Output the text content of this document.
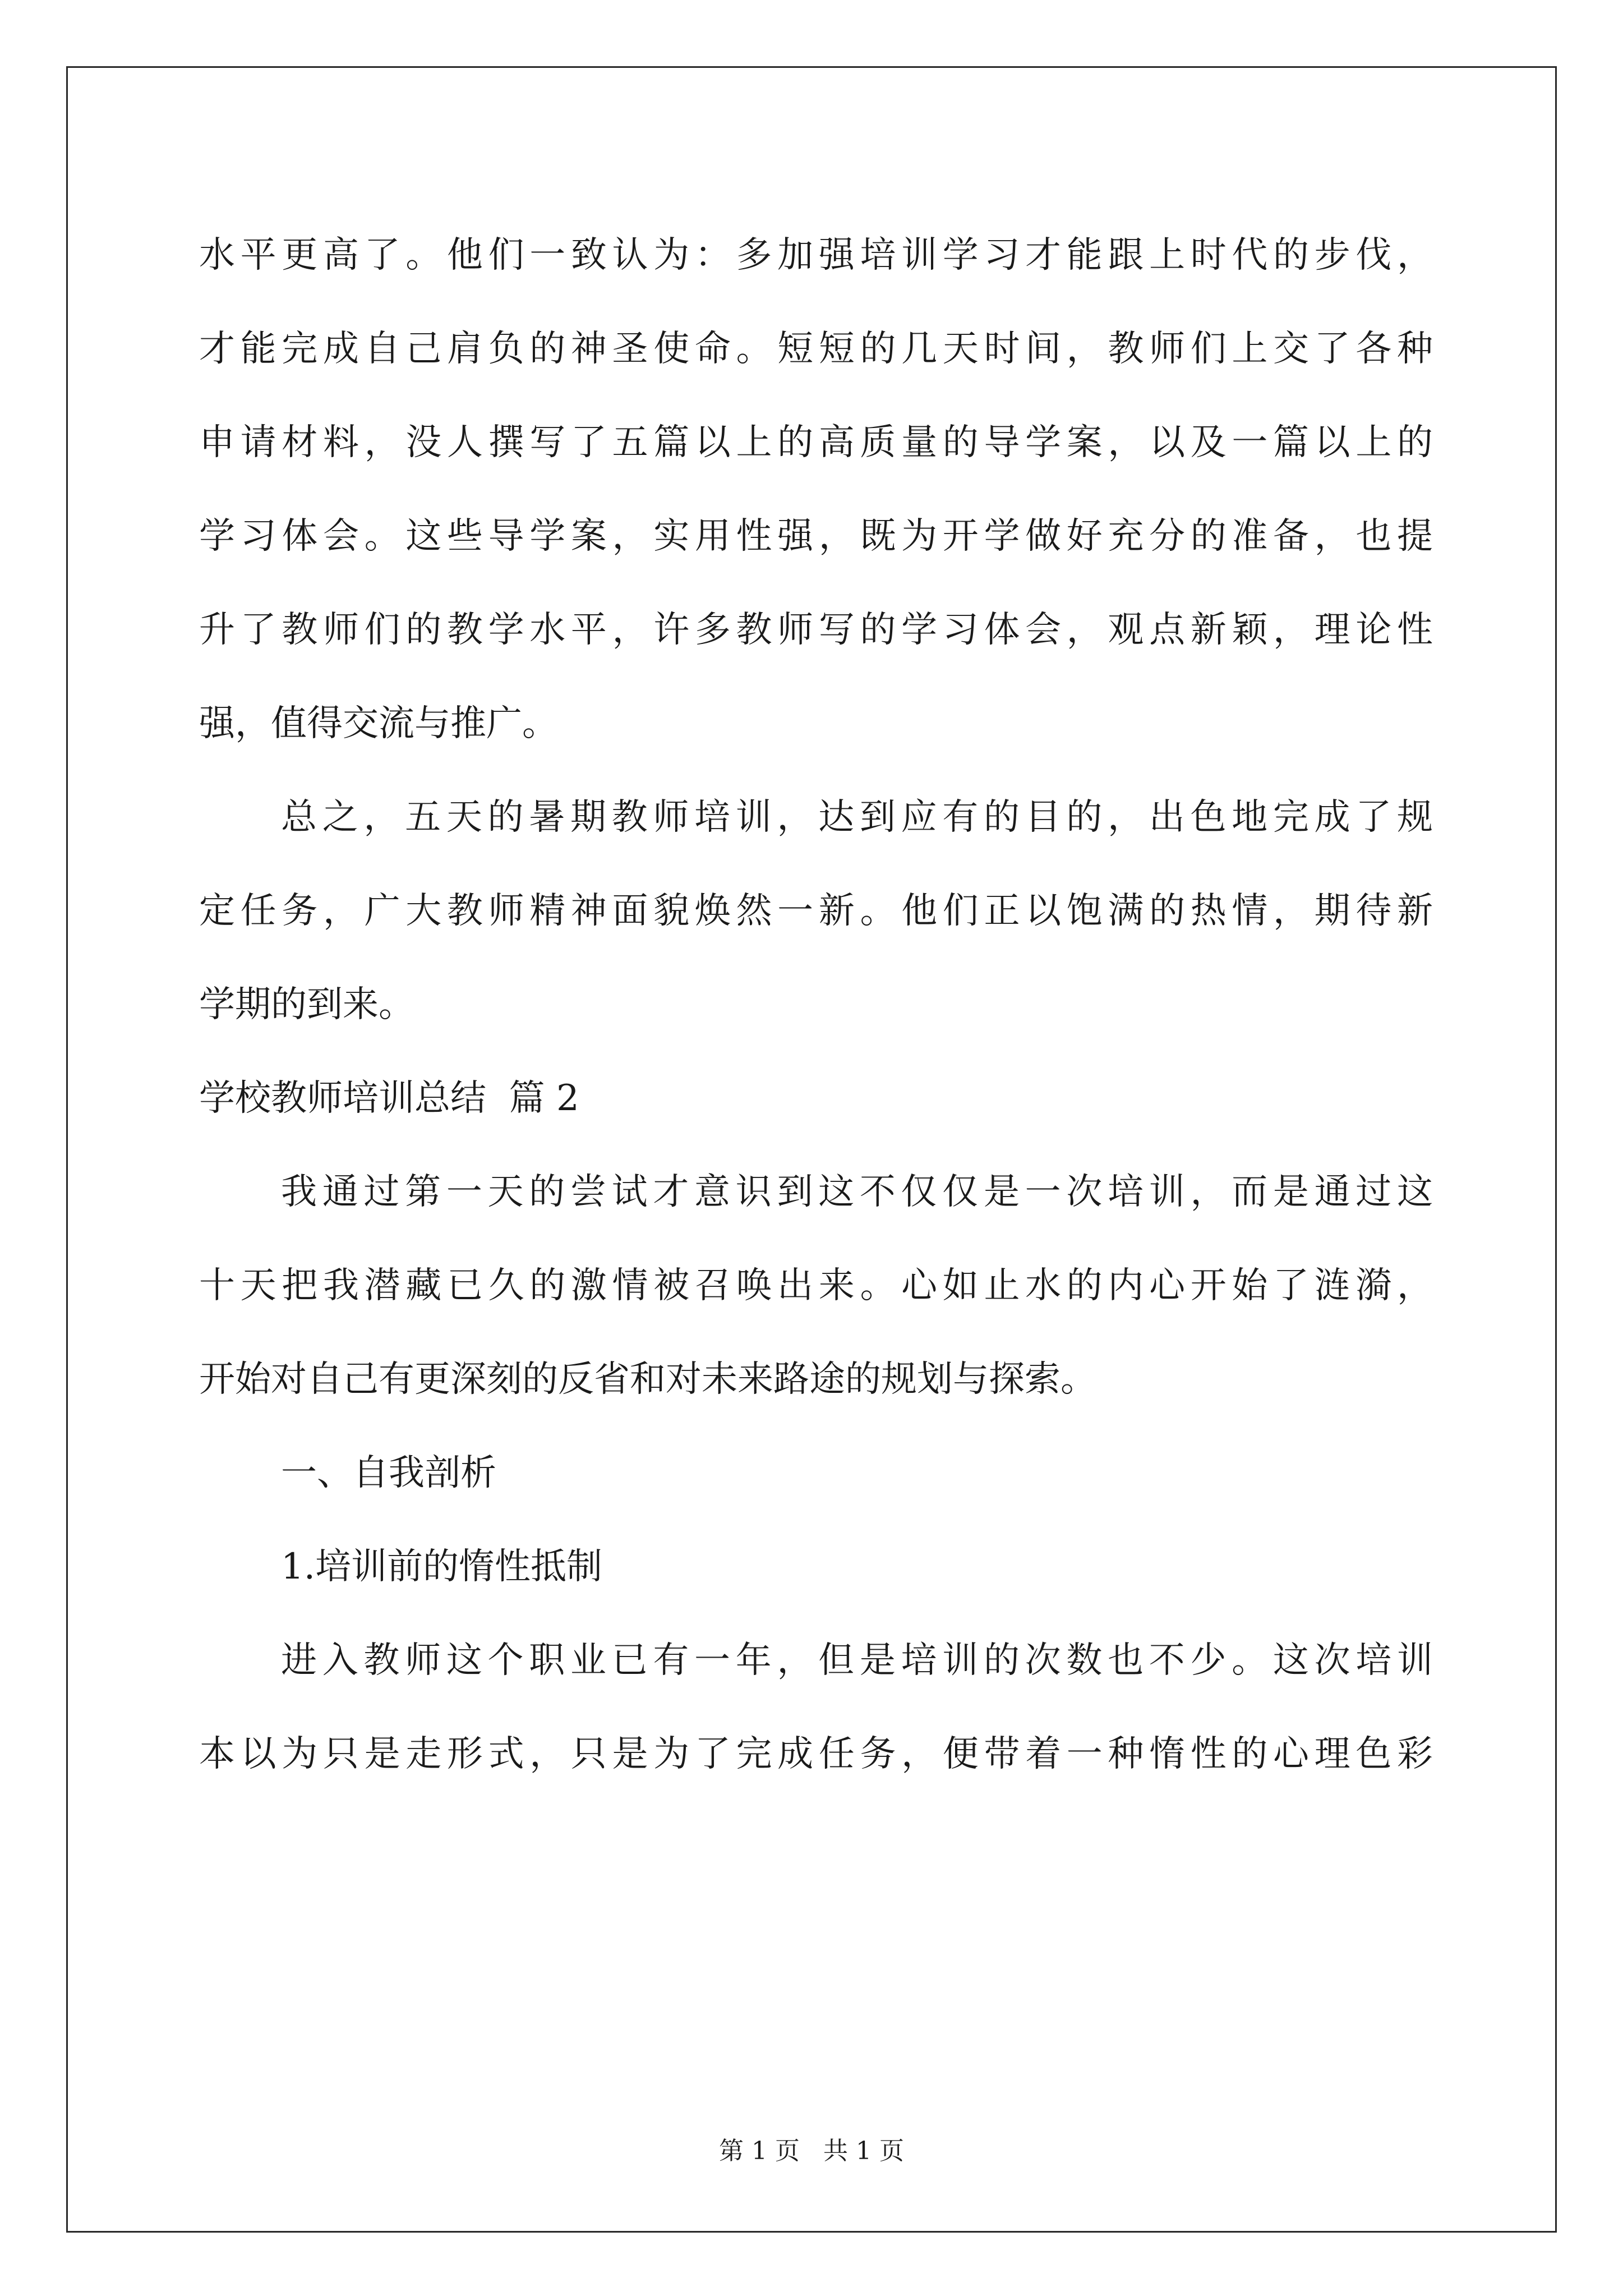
水平更高了。他们一致认为：多加强培训学习才能跟上时代的步伐，
才能完成自己肩负的神圣使命。短短的几天时间，教师们上交了各种
申请材料，没人撰写了五篇以上的高质量的导学案，以及一篇以上的
学习体会。这些导学案，实用性强，既为开学做好充分的准备，也提
升了教师们的教学水平，许多教师写的学习体会，观点新颖，理论性
强，值得交流与推广。
总之，五天的暑期教师培训，达到应有的目的，出色地完成了规
定任务，广大教师精神面貌焕然一新。他们正以饱满的热情，期待新
学期的到来。
学校教师培训总结  篇 2
我通过第一天的尝试才意识到这不仅仅是一次培训，而是通过这
十天把我潜藏已久的激情被召唤出来。心如止水的内心开始了涟漪，
开始对自己有更深刻的反省和对未来路途的规划与探索。
一、自我剖析
1.培训前的惰性抵制
进入教师这个职业已有一年，但是培训的次数也不少。这次培训
本以为只是走形式，只是为了完成任务，便带着一种惰性的心理色彩
第 1 页   共 1 页
